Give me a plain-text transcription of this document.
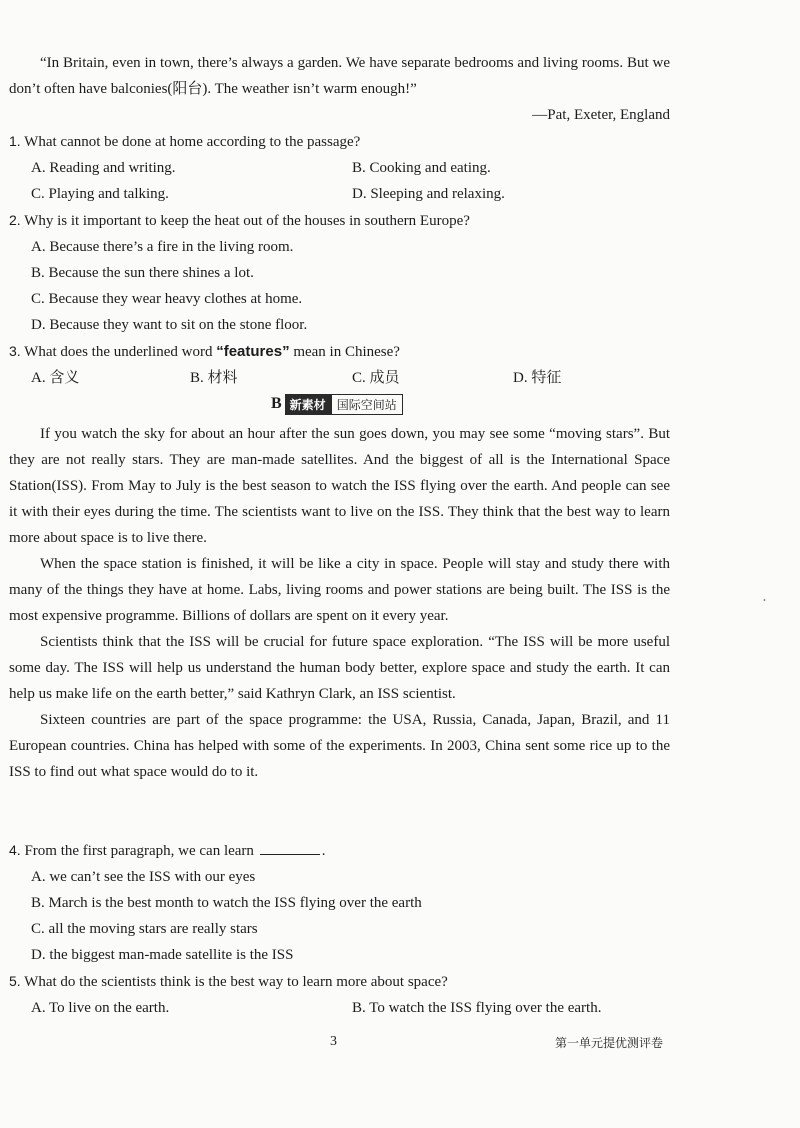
“In Britain, even in town, there’s always a garden. We have separate bedrooms and living rooms. But we don’t often have balconies(阳台). The weather isn’t warm enough!”

—Pat, Exeter, England
1. What cannot be done at home according to the passage?
A. Reading and writing.	B. Cooking and eating.
C. Playing and talking.	D. Sleeping and relaxing.
2. Why is it important to keep the heat out of the houses in southern Europe?
A. Because there’s a fire in the living room.
B. Because the sun there shines a lot.
C. Because they wear heavy clothes at home.
D. Because they want to sit on the stone floor.
3. What does the underlined word “features” mean in Chinese?
A. 含义	B. 材料	C. 成员	D. 特征
B 新素材 国际空间站

If you watch the sky for about an hour after the sun goes down, you may see some “moving stars”. But they are not really stars. They are man-made satellites. And the biggest of all is the International Space Station(ISS). From May to July is the best season to watch the ISS flying over the earth. And people can see it with their eyes during the time. The scientists want to live on the ISS. They think that the best way to learn more about space is to live there.

When the space station is finished, it will be like a city in space. People will stay and study there with many of the things they have at home. Labs, living rooms and power stations are being built. The ISS is the most expensive programme. Billions of dollars are spent on it every year.

Scientists think that the ISS will be crucial for future space exploration. “The ISS will be more useful some day. The ISS will help us understand the human body better, explore space and study the earth. It can help us make life on the earth better,” said Kathryn Clark, an ISS scientist.

Sixteen countries are part of the space programme: the USA, Russia, Canada, Japan, Brazil, and 11 European countries. China has helped with some of the experiments. In 2003, China sent some rice up to the ISS to find out what space would do to it.

4. From the first paragraph, we can learn	.
A. we can’t see the ISS with our eyes
B. March is the best month to watch the ISS flying over the earth
C. all the moving stars are really stars
D. the biggest man-made satellite is the ISS
5. What do the scientists think is the best way to learn more about space?
A. To live on the earth.	B. To watch the ISS flying over the earth.
3	第一单元提优测评卷
•
